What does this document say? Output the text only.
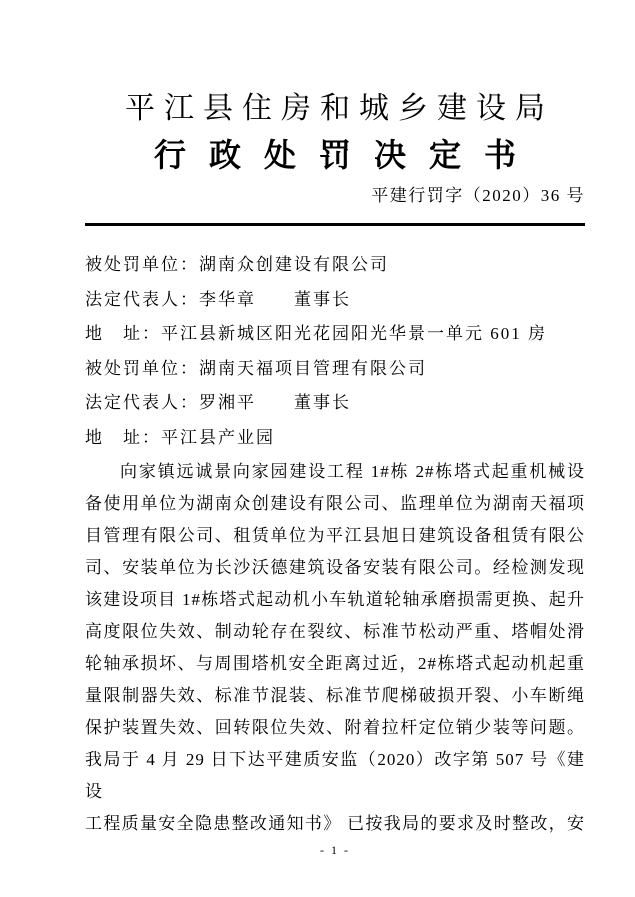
平江县住房和城乡建设局
行政处罚决定书
平建行罚字（2020）36 号
被处罚单位：湖南众创建设有限公司
法定代表人：李华章　　董事长
地　址：平江县新城区阳光花园阳光华景一单元 601 房
被处罚单位：湖南天福项目管理有限公司
法定代表人：罗湘平　　董事长
地　址：平江县产业园
向家镇远诚景向家园建设工程 1#栋 2#栋塔式起重机械设
备使用单位为湖南众创建设有限公司、监理单位为湖南天福项
目管理有限公司、租赁单位为平江县旭日建筑设备租赁有限公
司、安装单位为长沙沃德建筑设备安装有限公司。经检测发现
该建设项目 1#栋塔式起动机小车轨道轮轴承磨损需更换、起升
高度限位失效、制动轮存在裂纹、标准节松动严重、塔帽处滑
轮轴承损坏、与周围塔机安全距离过近，2#栋塔式起动机起重
量限制器失效、标准节混装、标准节爬梯破损开裂、小车断绳
保护装置失效、回转限位失效、附着拉杆定位销少装等问题。
我局于 4 月 29 日下达平建质安监（2020）改字第 507 号《建设
工程质量安全隐患整改通知书》 已按我局的要求及时整改，安
- 1 -
